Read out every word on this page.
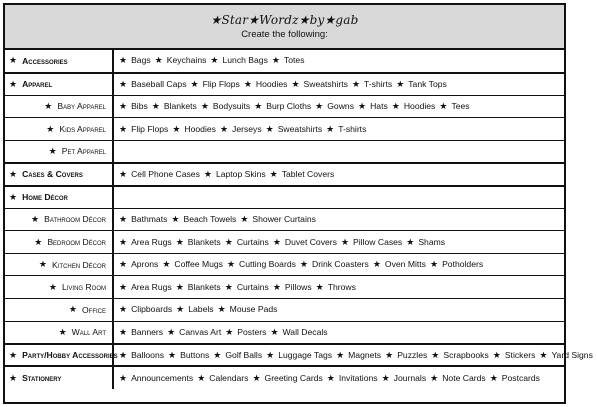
★Star★Wordz★by★gab
Create the following:
★ Accessories	★ Bags ★ Keychains ★ Lunch Bags ★ Totes

★ Apparel	★ Baseball Caps ★ Flip Flops ★ Hoodies ★ Sweatshirts ★ T-shirts ★ Tank Tops

★ Baby Apparel	★ Bibs ★ Blankets ★ Bodysuits ★ Burp Cloths ★ Gowns ★ Hats ★ Hoodies ★ Tees

★ Kids Apparel	★ Flip Flops ★ Hoodies ★ Jerseys ★ Sweatshirts ★ T-shirts

★ Pet Apparel	

★ Cases & Covers	★ Cell Phone Cases ★ Laptop Skins ★ Tablet Covers

★ Home Décor	

★ Bathroom Décor	★ Bathmats ★ Beach Towels ★ Shower Curtains

★ Bedroom Décor	★ Area Rugs ★ Blankets ★ Curtains ★ Duvet Covers ★ Pillow Cases ★ Shams

★ Kitchen Décor	★ Aprons ★ Coffee Mugs ★ Cutting Boards ★ Drink Coasters ★ Oven Mitts ★ Potholders

★ Living Room	★ Area Rugs ★ Blankets ★ Curtains ★ Pillows ★ Throws

★ Office	★ Clipboards ★ Labels ★ Mouse Pads

★ Wall Art	★ Banners ★ Canvas Art ★ Posters ★ Wall Decals

★ Party/Hobby Accessories	★ Balloons ★ Buttons ★ Golf Balls ★ Luggage Tags ★ Magnets ★ Puzzles ★ Scrapbooks ★ Stickers ★ Yard Signs

★ Stationery	★ Announcements ★ Calendars ★ Greeting Cards ★ Invitations ★ Journals ★ Note Cards ★ Postcards
